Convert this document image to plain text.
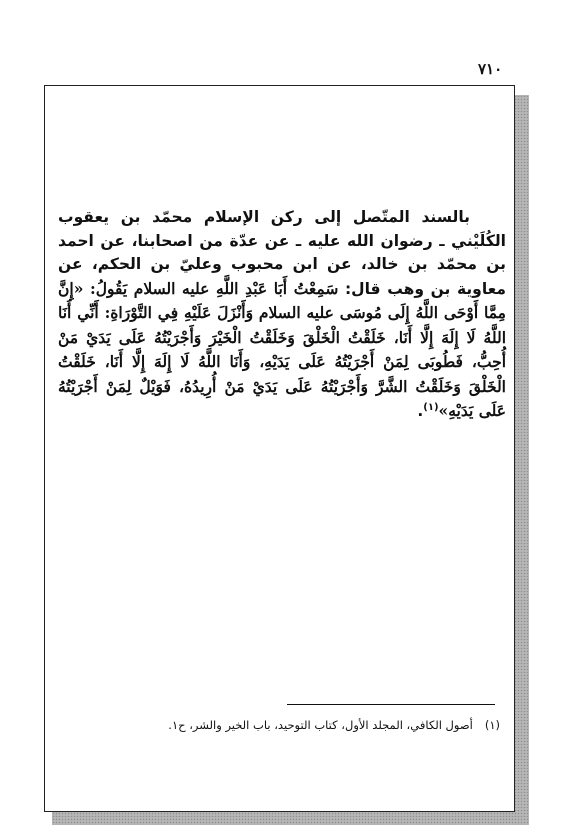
٧١٠
بالسند المتّصل إلى ركن الإسلام محمّد بن يعقوب الكُلَيْني ـ رضوان الله عليه ـ عن عدّة من اصحابنا، عن احمد بن محمّد بن خالد، عن ابن محبوب وعليّ بن الحكم، عن معاوية بن وهب قال: سَمِعْتُ أَبَا عَبْدِ اللَّهِ عليه السلام يَقُولُ: «إِنَّ مِمَّا أَوْحَى اللَّهُ إِلَى مُوسَى عليه السلام وَأَنْزَلَ عَلَيْهِ فِي التَّوْرَاةِ: أَنِّي أَنَا اللَّهُ لَا إِلَهَ إِلَّا أَنَا، خَلَقْتُ الْخَلْقَ وَخَلَقْتُ الْخَيْرَ وَأَجْرَيْتُهُ عَلَى يَدَيْ مَنْ أُحِبُّ، فَطُوبَى لِمَنْ أَجْرَيْتُهُ عَلَى يَدَيْهِ، وَأَنَا اللَّهُ لَا إِلَهَ إِلَّا أَنَا، خَلَقْتُ الْخَلْقَ وَخَلَقْتُ الشَّرَّ وَأَجْرَيْتُهُ عَلَى يَدَيْ مَنْ أُرِيدُهُ، فَوَيْلٌ لِمَنْ أَجْرَيْتُهُ عَلَى يَدَيْهِ»$^{(١)}$.
(١)أصول الكافي، المجلد الأول، كتاب التوحيد، باب الخير والشر، ح١.
